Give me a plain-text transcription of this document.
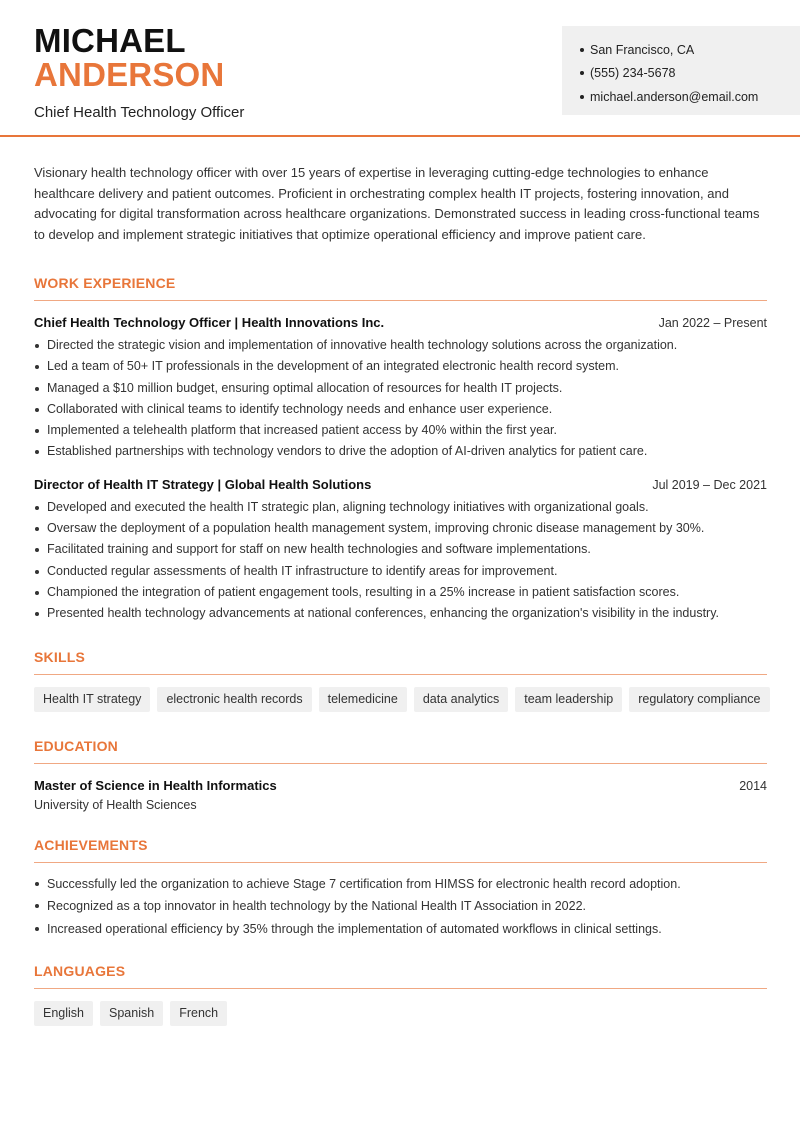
MICHAEL
ANDERSON
Chief Health Technology Officer
San Francisco, CA
(555) 234-5678
michael.anderson@email.com

Visionary health technology officer with over 15 years of expertise in leveraging cutting-edge technologies to enhance healthcare delivery and patient outcomes. Proficient in orchestrating complex health IT projects, fostering innovation, and advocating for digital transformation across healthcare organizations. Demonstrated success in leading cross-functional teams to develop and implement strategic initiatives that optimize operational efficiency and improve patient care.

WORK EXPERIENCE
Chief Health Technology Officer | Health Innovations Inc.	Jan 2022 – Present
Directed the strategic vision and implementation of innovative health technology solutions across the organization.
Led a team of 50+ IT professionals in the development of an integrated electronic health record system.
Managed a $10 million budget, ensuring optimal allocation of resources for health IT projects.
Collaborated with clinical teams to identify technology needs and enhance user experience.
Implemented a telehealth platform that increased patient access by 40% within the first year.
Established partnerships with technology vendors to drive the adoption of AI-driven analytics for patient care.
Director of Health IT Strategy | Global Health Solutions	Jul 2019 – Dec 2021
Developed and executed the health IT strategic plan, aligning technology initiatives with organizational goals.
Oversaw the deployment of a population health management system, improving chronic disease management by 30%.
Facilitated training and support for staff on new health technologies and software implementations.
Conducted regular assessments of health IT infrastructure to identify areas for improvement.
Championed the integration of patient engagement tools, resulting in a 25% increase in patient satisfaction scores.
Presented health technology advancements at national conferences, enhancing the organization's visibility in the industry.
SKILLS
Health IT strategy	electronic health records	telemedicine	data analytics	team leadership	regulatory compliance
EDUCATION
Master of Science in Health Informatics	2014
University of Health Sciences
ACHIEVEMENTS
Successfully led the organization to achieve Stage 7 certification from HIMSS for electronic health record adoption.
Recognized as a top innovator in health technology by the National Health IT Association in 2022.
Increased operational efficiency by 35% through the implementation of automated workflows in clinical settings.
LANGUAGES
English	Spanish	French
